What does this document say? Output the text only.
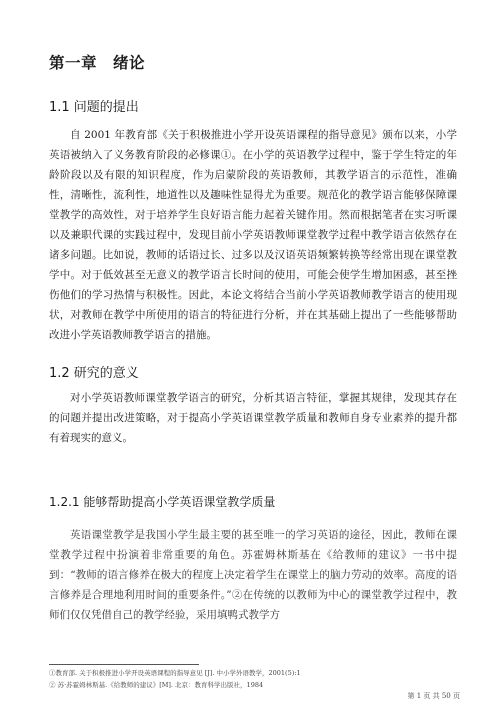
第一章　绪论
1.1 问题的提出

自 2001 年教育部《关于积极推进小学开设英语课程的指导意见》颁布以来，小学英语被纳入了义务教育阶段的必修课①。在小学的英语教学过程中，鉴于学生特定的年龄阶段以及有限的知识程度，作为启蒙阶段的英语教师，其教学语言的示范性，准确性，清晰性，流利性，地道性以及趣味性显得尤为重要。规范化的教学语言能够保障课堂教学的高效性，对于培养学生良好语言能力起着关键作用。然而根据笔者在实习听课以及兼职代课的实践过程中，发现目前小学英语教师课堂教学过程中教学语言依然存在诸多问题。比如说，教师的话语过长、过多以及汉语英语频繁转换等经常出现在课堂教学中。对于低效甚至无意义的教学语言长时间的使用，可能会使学生增加困惑，甚至挫伤他们的学习热情与积极性。因此，本论文将结合当前小学英语教师教学语言的使用现状，对教师在教学中所使用的语言的特征进行分析，并在其基础上提出了一些能够帮助改进小学英语教师教学语言的措施。

1.2 研究的意义

对小学英语教师课堂教学语言的研究，分析其语言特征，掌握其规律，发现其存在的问题并提出改进策略，对于提高小学英语课堂教学质量和教师自身专业素养的提升都有着现实的意义。

1.2.1 能够帮助提高小学英语课堂教学质量

英语课堂教学是我国小学生最主要的甚至唯一的学习英语的途径，因此，教师在课堂教学过程中扮演着非常重要的角色。苏霍姆林斯基在《给教师的建议》一书中提到：“教师的语言修养在极大的程度上决定着学生在课堂上的脑力劳动的效率。高度的语言修养是合理地利用时间的重要条件。”②在传统的以教师为中心的课堂教学过程中，教师们仅仅凭借自己的教学经验，采用填鸭式教学方

①教育部. 关于积极推进小学开设英语课程的指导意见 [J]. 中小学外语教学，2001(5):1
② 苏·苏霍姆林斯基.《给教师的建议》[M]. 北京：教育科学出版社，1984
第 1 页 共 50 页
